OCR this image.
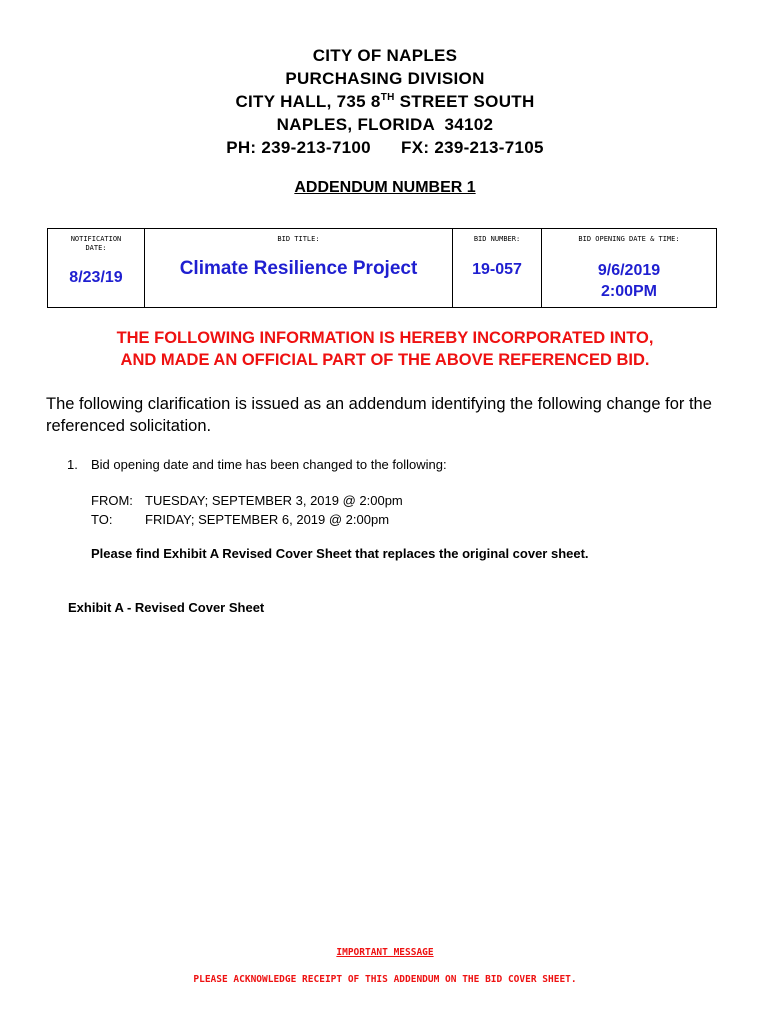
CITY OF NAPLES
PURCHASING DIVISION
CITY HALL, 735 8TH STREET SOUTH
NAPLES, FLORIDA  34102
PH: 239-213-7100 FX: 239-213-7105
ADDENDUM NUMBER 1
NOTIFICATION
DATE:
8/23/19

BID TITLE:
Climate Resilience Project

BID NUMBER:
19-057

BID OPENING DATE & TIME:
9/6/2019
2:00PM
THE FOLLOWING INFORMATION IS HEREBY INCORPORATED INTO,
AND MADE AN OFFICIAL PART OF THE ABOVE REFERENCED BID.
The following clarification is issued as an addendum identifying the following change for the referenced solicitation.
1. Bid opening date and time has been changed to the following:
FROM: TUESDAY; SEPTEMBER 3, 2019 @ 2:00pm
TO:	FRIDAY; SEPTEMBER 6, 2019 @ 2:00pm
Please find Exhibit A Revised Cover Sheet that replaces the original cover sheet.
Exhibit A - Revised Cover Sheet
IMPORTANT MESSAGE
PLEASE ACKNOWLEDGE RECEIPT OF THIS ADDENDUM ON THE BID COVER SHEET.
